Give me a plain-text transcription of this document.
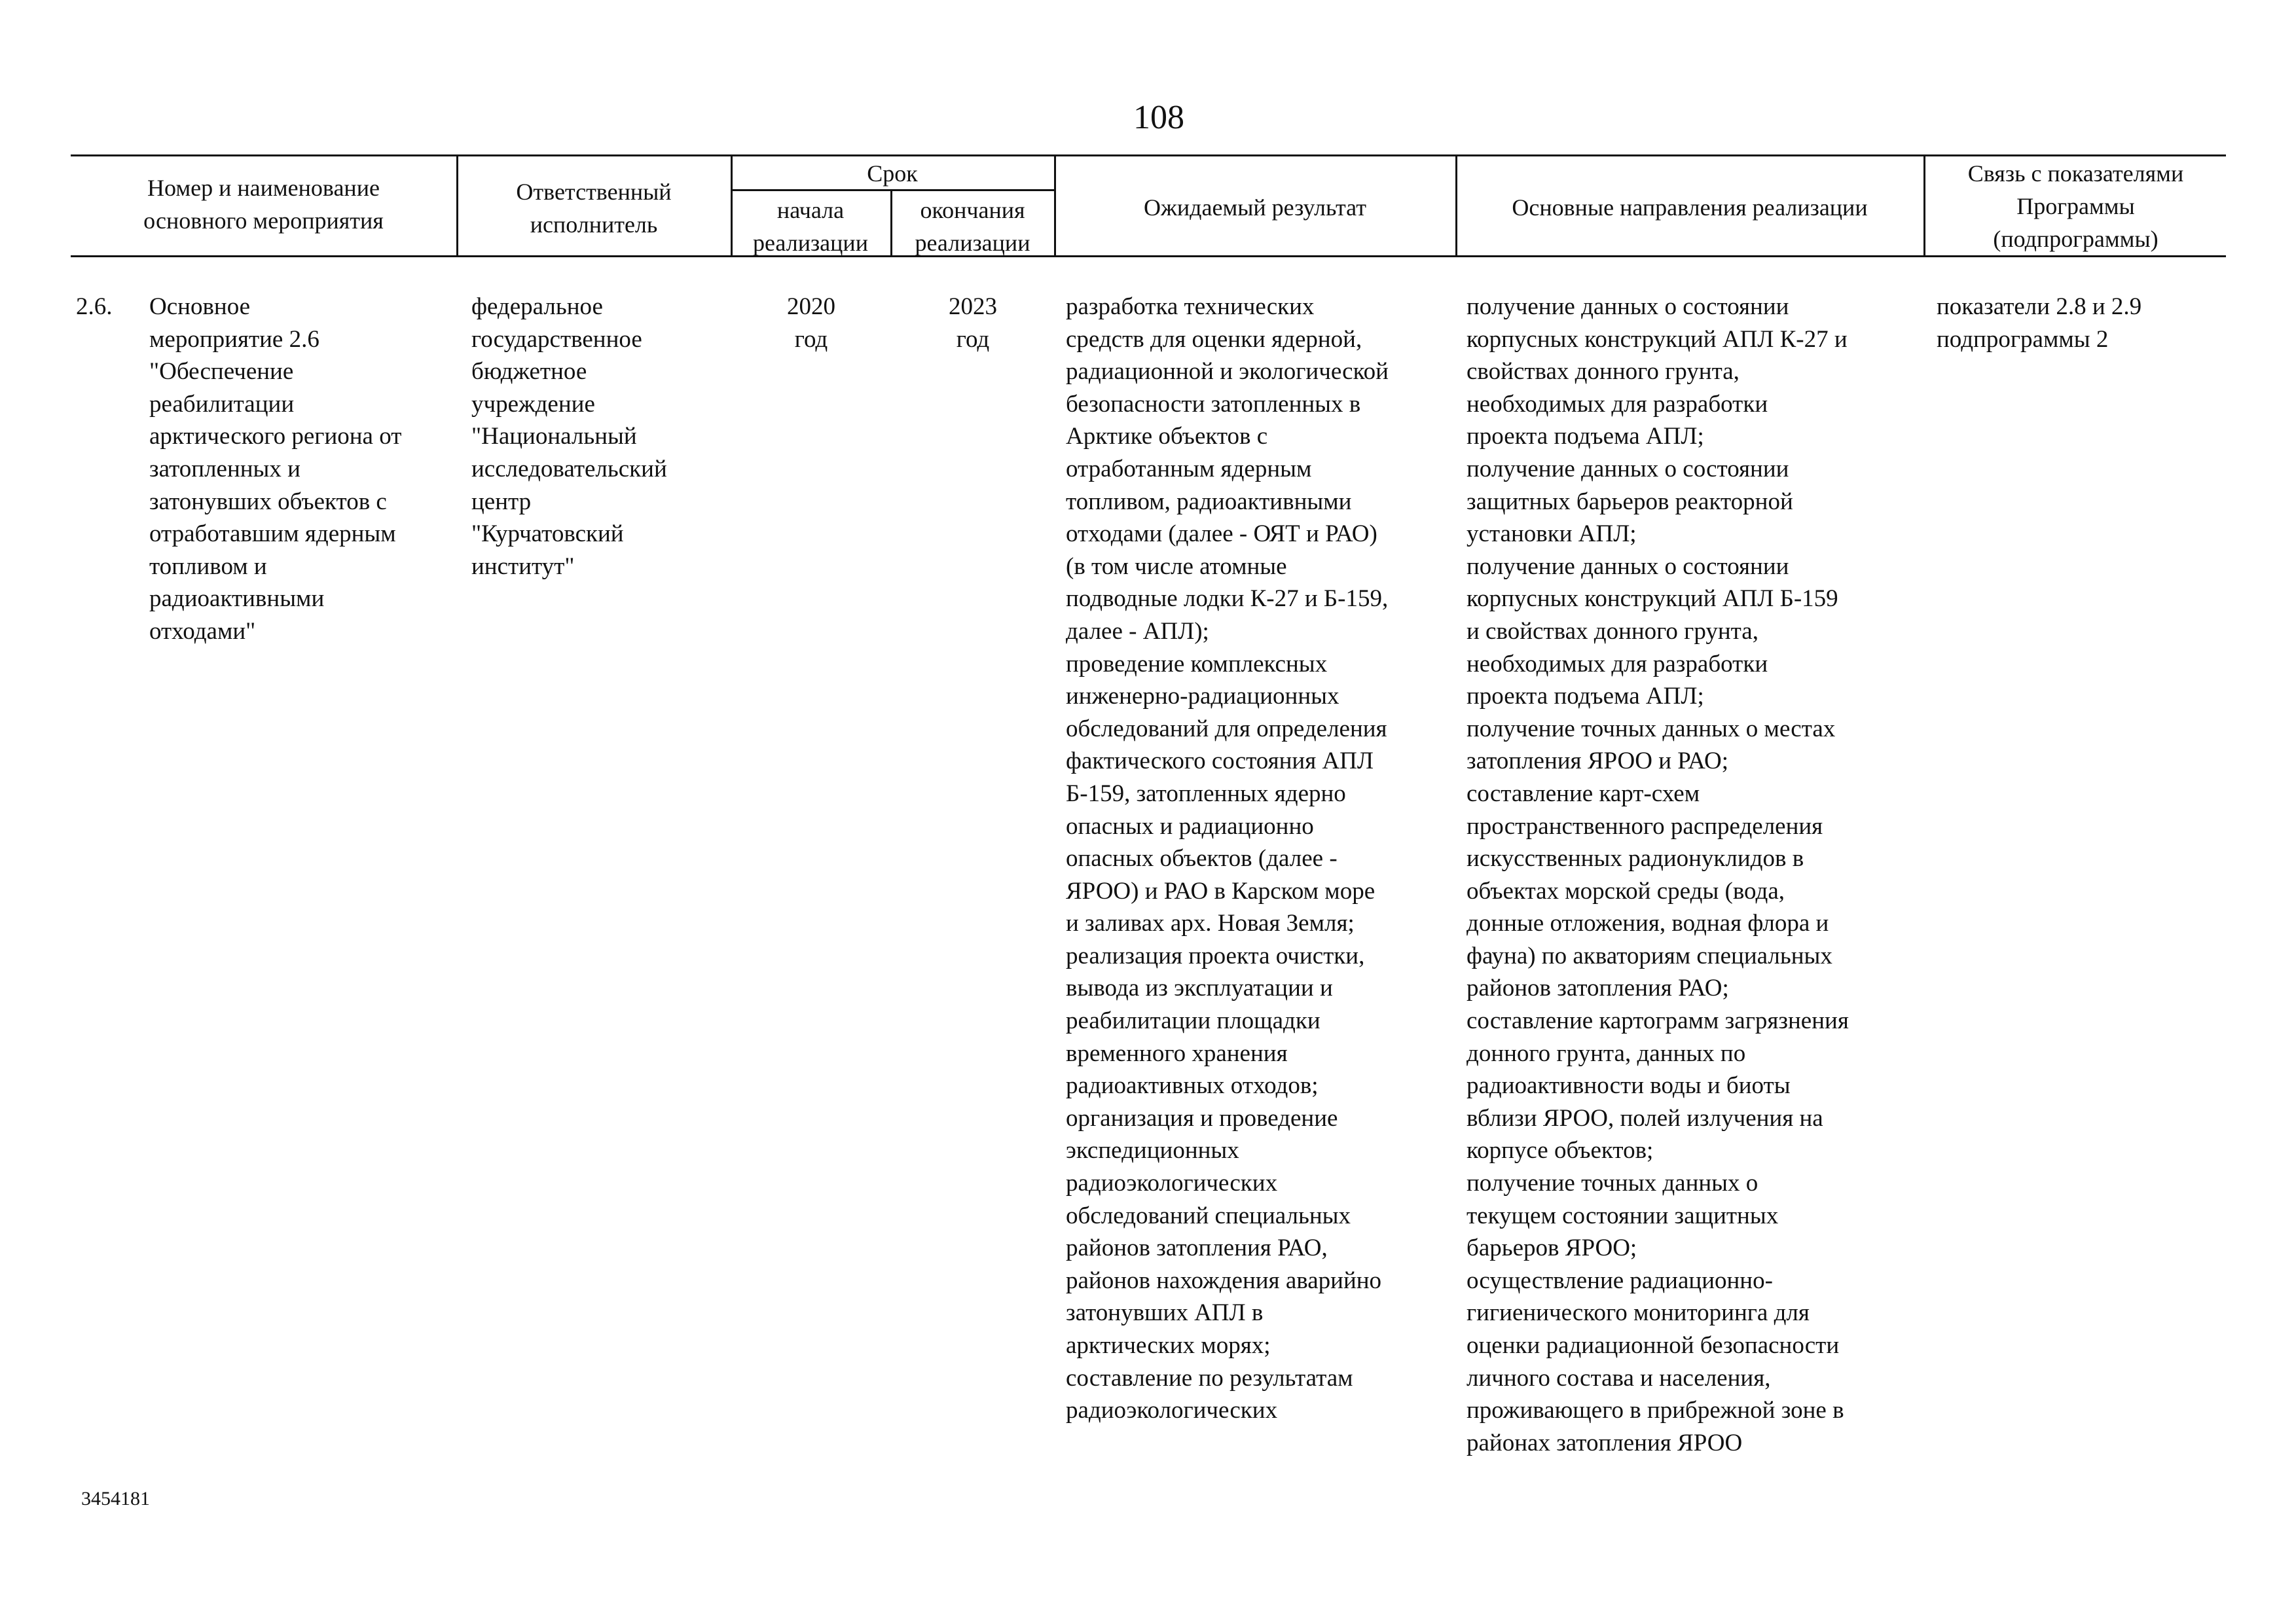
108
Номер и наименование
основного мероприятия
Ответственный
исполнитель
Срок
начала
реализации
окончания
реализации
Ожидаемый результат	Основные направления реализации
Связь с показателями
Программы
(подпрограммы)
2.6. Основное
мероприятие 2.6
"Обеспечение
реабилитации
арктического региона от
затопленных и
затонувших объектов с
отработавшим ядерным
топливом и
радиоактивными
отходами"
федеральное
государственное
бюджетное
учреждение
"Национальный
исследовательский
центр
"Курчатовский
институт"
2020
год
2023
год
разработка технических
средств для оценки ядерной,
радиационной и экологической
безопасности затопленных в
Арктике объектов с
отработанным ядерным
топливом, радиоактивными
отходами (далее - ОЯТ и РАО)
(в том числе атомные
подводные лодки К-27 и Б-159,
далее - АПЛ);
проведение комплексных
инженерно-радиационных
обследований для определения
фактического состояния АПЛ
Б-159, затопленных ядерно
опасных и радиационно
опасных объектов (далее -
ЯРОО) и РАО в Карском море
и заливах арх. Новая Земля;
реализация проекта очистки,
вывода из эксплуатации и
реабилитации площадки
временного хранения
радиоактивных отходов;
организация и проведение
экспедиционных
радиоэкологических
обследований специальных
районов затопления РАО,
районов нахождения аварийно
затонувших АПЛ в
арктических морях;
составление по результатам
радиоэкологических
получение данных о состоянии
корпусных конструкций АПЛ К-27 и
свойствах донного грунта,
необходимых для разработки
проекта подъема АПЛ;
получение данных о состоянии
защитных барьеров реакторной
установки АПЛ;
получение данных о состоянии
корпусных конструкций АПЛ Б-159
и свойствах донного грунта,
необходимых для разработки
проекта подъема АПЛ;
получение точных данных о местах
затопления ЯРОО и РАО;
составление карт-схем
пространственного распределения
искусственных радионуклидов в
объектах морской среды (вода,
донные отложения, водная флора и
фауна) по акваториям специальных
районов затопления РАО;
составление картограмм загрязнения
донного грунта, данных по
радиоактивности воды и биоты
вблизи ЯРОО, полей излучения на
корпусе объектов;
получение точных данных о
текущем состоянии защитных
барьеров ЯРОО;
осуществление радиационно-
гигиенического мониторинга для
оценки радиационной безопасности
личного состава и населения,
проживающего в прибрежной зоне в
районах затопления ЯРОО
показатели 2.8 и 2.9
подпрограммы 2
3454181
